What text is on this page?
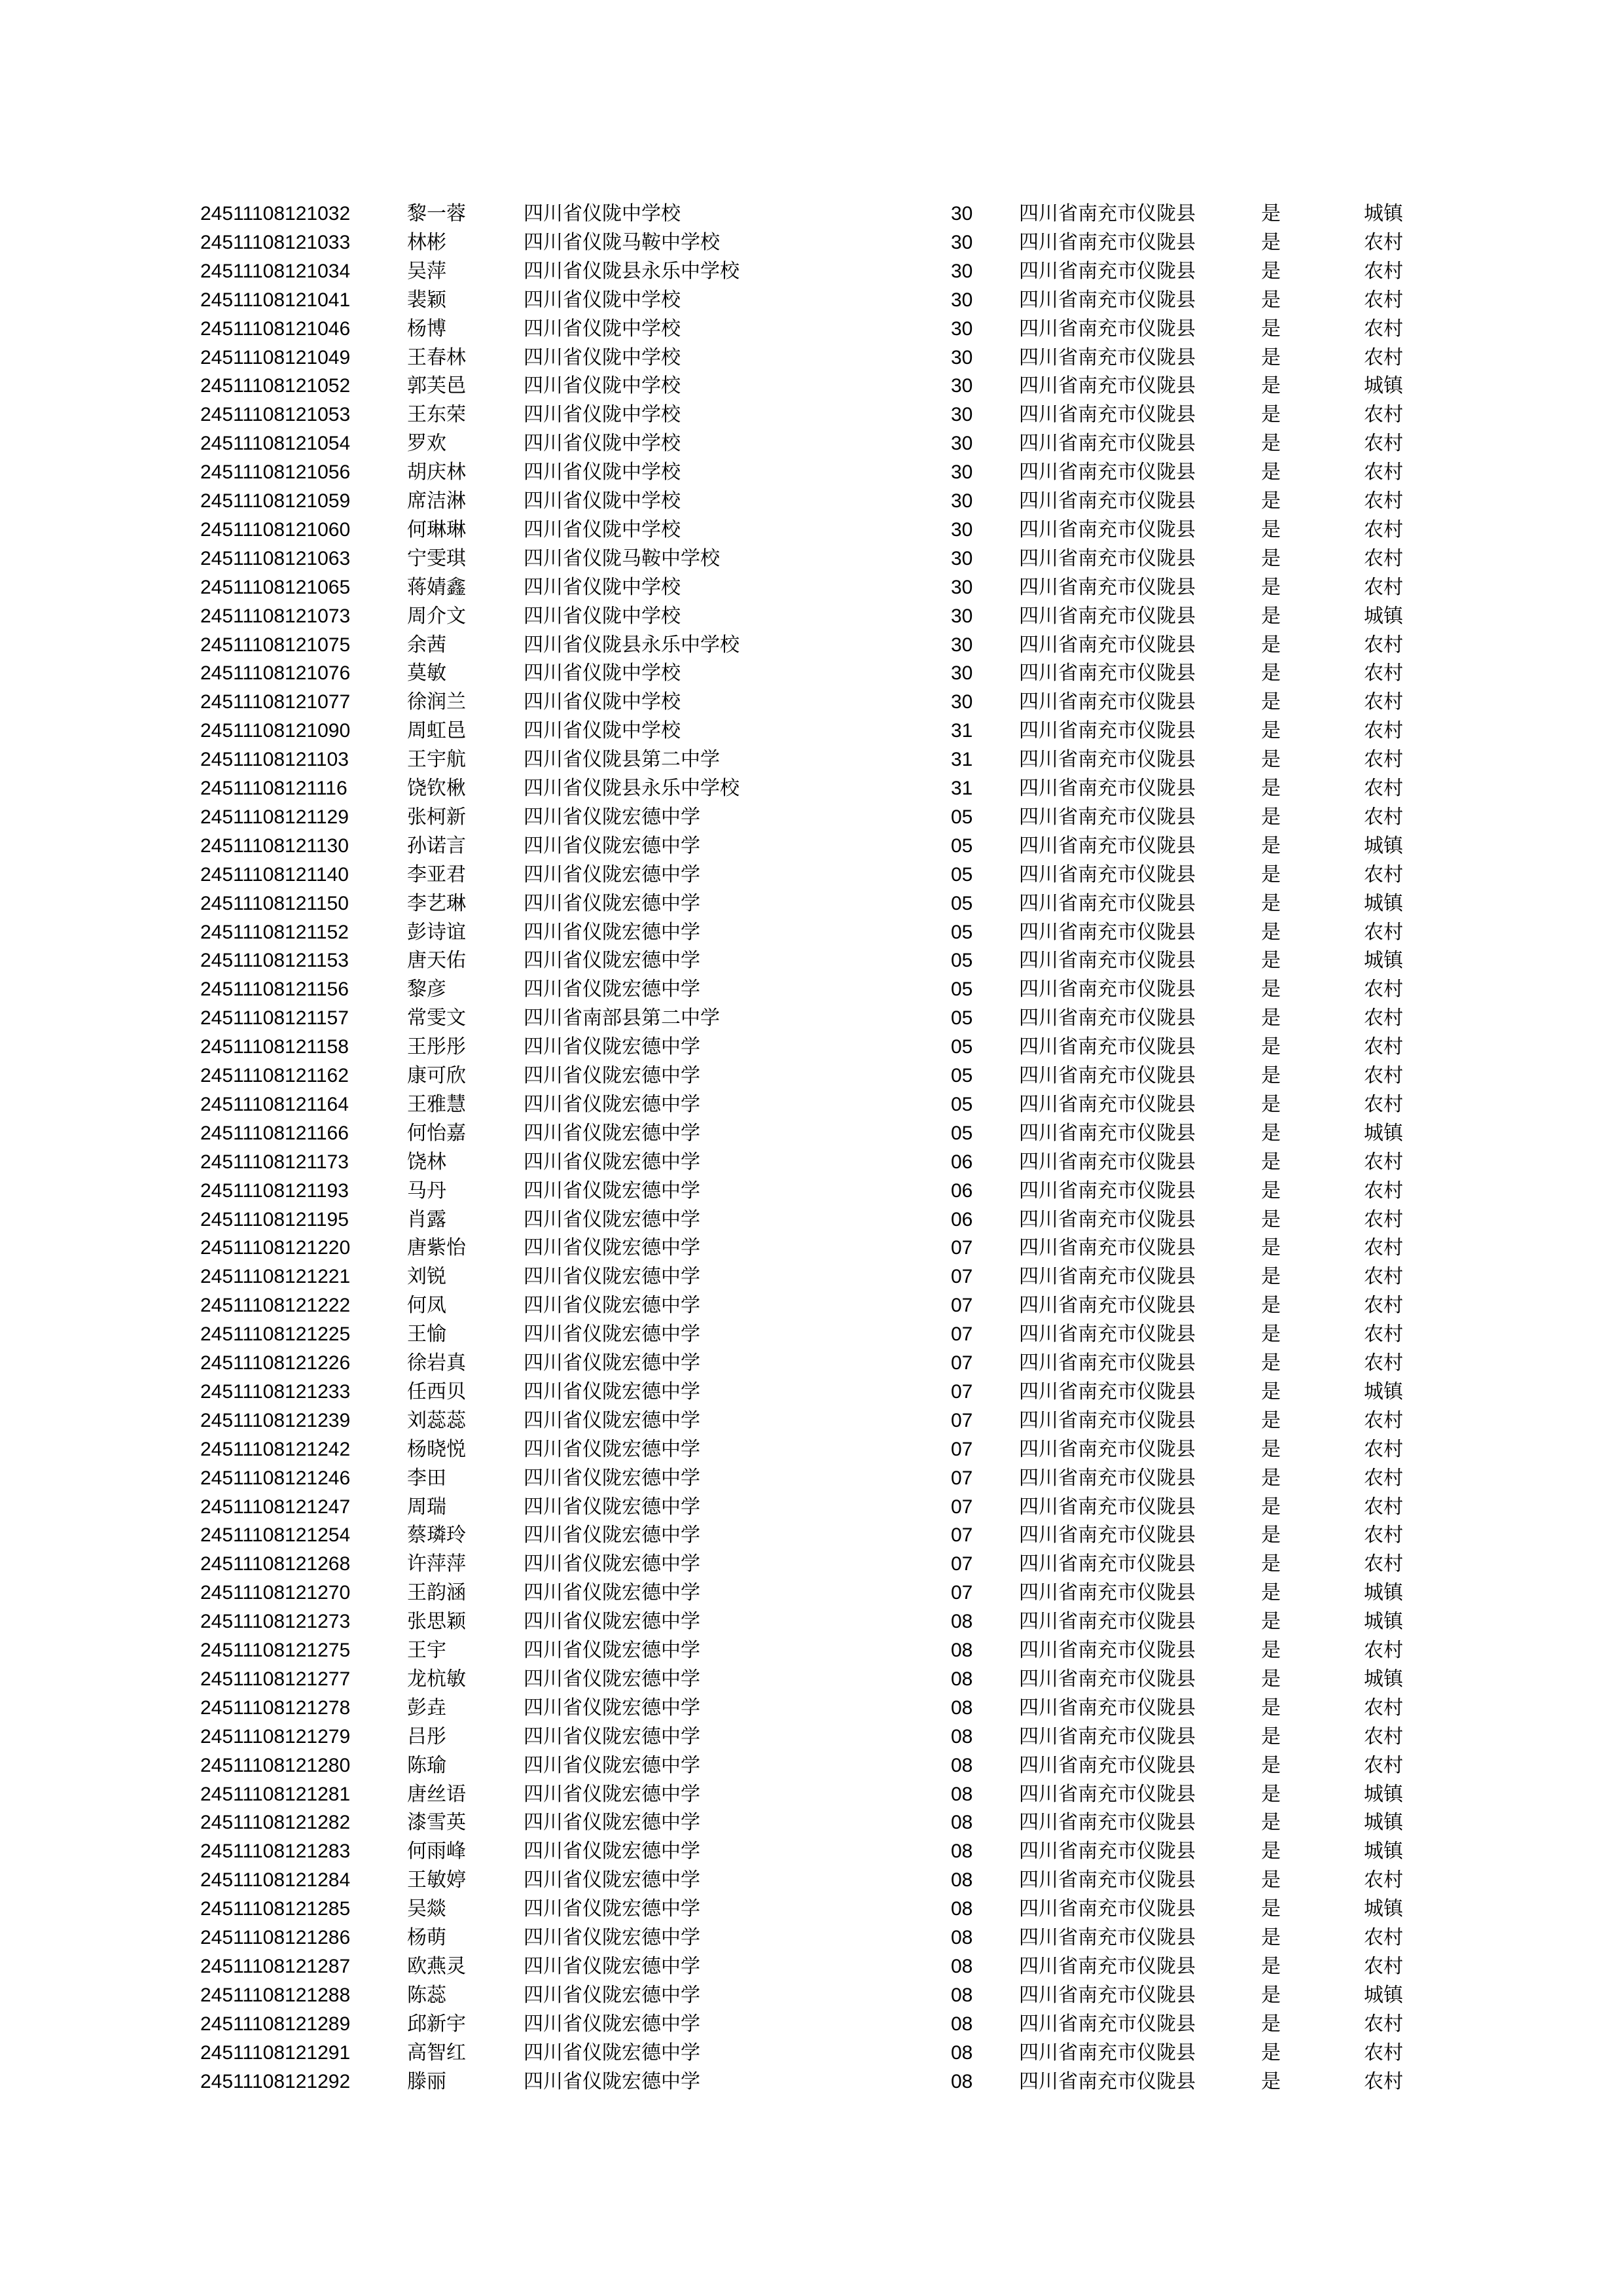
24511108121032	黎一蓉	四川省仪陇中学校	30 四川省南充市仪陇县	是	城镇
24511108121033	林彬	四川省仪陇马鞍中学校	30 四川省南充市仪陇县	是	农村
24511108121034	吴萍	四川省仪陇县永乐中学校	30 四川省南充市仪陇县	是	农村
24511108121041	裴颖	四川省仪陇中学校	30 四川省南充市仪陇县	是	农村
24511108121046	杨博	四川省仪陇中学校	30 四川省南充市仪陇县	是	农村
24511108121049	王春林	四川省仪陇中学校	30 四川省南充市仪陇县	是	农村
24511108121052	郭芙邑	四川省仪陇中学校	30 四川省南充市仪陇县	是	城镇
24511108121053	王东荣	四川省仪陇中学校	30 四川省南充市仪陇县	是	农村
24511108121054	罗欢	四川省仪陇中学校	30 四川省南充市仪陇县	是	农村
24511108121056	胡庆林	四川省仪陇中学校	30 四川省南充市仪陇县	是	农村
24511108121059	席洁淋	四川省仪陇中学校	30 四川省南充市仪陇县	是	农村
24511108121060	何琳琳	四川省仪陇中学校	30 四川省南充市仪陇县	是	农村
24511108121063	宁雯琪	四川省仪陇马鞍中学校	30 四川省南充市仪陇县	是	农村
24511108121065	蒋婧鑫	四川省仪陇中学校	30 四川省南充市仪陇县	是	农村
24511108121073	周介文	四川省仪陇中学校	30 四川省南充市仪陇县	是	城镇
24511108121075	余茜	四川省仪陇县永乐中学校	30 四川省南充市仪陇县	是	农村
24511108121076	莫敏	四川省仪陇中学校	30 四川省南充市仪陇县	是	农村
24511108121077	徐润兰	四川省仪陇中学校	30 四川省南充市仪陇县	是	农村
24511108121090	周虹邑	四川省仪陇中学校	31 四川省南充市仪陇县	是	农村
24511108121103	王宇航	四川省仪陇县第二中学	31 四川省南充市仪陇县	是	农村
24511108121116	饶钦楸	四川省仪陇县永乐中学校	31 四川省南充市仪陇县	是	农村
24511108121129	张柯新	四川省仪陇宏德中学	05 四川省南充市仪陇县	是	农村
24511108121130	孙诺言	四川省仪陇宏德中学	05 四川省南充市仪陇县	是	城镇
24511108121140	李亚君	四川省仪陇宏德中学	05 四川省南充市仪陇县	是	农村
24511108121150	李艺琳	四川省仪陇宏德中学	05 四川省南充市仪陇县	是	城镇
24511108121152	彭诗谊	四川省仪陇宏德中学	05 四川省南充市仪陇县	是	农村
24511108121153	唐天佑	四川省仪陇宏德中学	05 四川省南充市仪陇县	是	城镇
24511108121156	黎彦	四川省仪陇宏德中学	05 四川省南充市仪陇县	是	农村
24511108121157	常雯文	四川省南部县第二中学	05 四川省南充市仪陇县	是	农村
24511108121158	王彤彤	四川省仪陇宏德中学	05 四川省南充市仪陇县	是	农村
24511108121162	康可欣	四川省仪陇宏德中学	05 四川省南充市仪陇县	是	农村
24511108121164	王雅慧	四川省仪陇宏德中学	05 四川省南充市仪陇县	是	农村
24511108121166	何怡嘉	四川省仪陇宏德中学	05 四川省南充市仪陇县	是	城镇
24511108121173	饶林	四川省仪陇宏德中学	06 四川省南充市仪陇县	是	农村
24511108121193	马丹	四川省仪陇宏德中学	06 四川省南充市仪陇县	是	农村
24511108121195	肖露	四川省仪陇宏德中学	06 四川省南充市仪陇县	是	农村
24511108121220	唐紫怡	四川省仪陇宏德中学	07 四川省南充市仪陇县	是	农村
24511108121221	刘锐	四川省仪陇宏德中学	07 四川省南充市仪陇县	是	农村
24511108121222	何凤	四川省仪陇宏德中学	07 四川省南充市仪陇县	是	农村
24511108121225	王愉	四川省仪陇宏德中学	07 四川省南充市仪陇县	是	农村
24511108121226	徐岩真	四川省仪陇宏德中学	07 四川省南充市仪陇县	是	农村
24511108121233	任西贝	四川省仪陇宏德中学	07 四川省南充市仪陇县	是	城镇
24511108121239	刘蕊蕊	四川省仪陇宏德中学	07 四川省南充市仪陇县	是	农村
24511108121242	杨晓悦	四川省仪陇宏德中学	07 四川省南充市仪陇县	是	农村
24511108121246	李田	四川省仪陇宏德中学	07 四川省南充市仪陇县	是	农村
24511108121247	周瑞	四川省仪陇宏德中学	07 四川省南充市仪陇县	是	农村
24511108121254	蔡璘玲	四川省仪陇宏德中学	07 四川省南充市仪陇县	是	农村
24511108121268	许萍萍	四川省仪陇宏德中学	07 四川省南充市仪陇县	是	农村
24511108121270	王韵涵	四川省仪陇宏德中学	07 四川省南充市仪陇县	是	城镇
24511108121273	张思颖	四川省仪陇宏德中学	08 四川省南充市仪陇县	是	城镇
24511108121275	王宇	四川省仪陇宏德中学	08 四川省南充市仪陇县	是	农村
24511108121277	龙杭敏	四川省仪陇宏德中学	08 四川省南充市仪陇县	是	城镇
24511108121278	彭垚	四川省仪陇宏德中学	08 四川省南充市仪陇县	是	农村
24511108121279	吕彤	四川省仪陇宏德中学	08 四川省南充市仪陇县	是	农村
24511108121280	陈瑜	四川省仪陇宏德中学	08 四川省南充市仪陇县	是	农村
24511108121281	唐丝语	四川省仪陇宏德中学	08 四川省南充市仪陇县	是	城镇
24511108121282	漆雪英	四川省仪陇宏德中学	08 四川省南充市仪陇县	是	城镇
24511108121283	何雨峰	四川省仪陇宏德中学	08 四川省南充市仪陇县	是	城镇
24511108121284	王敏婷	四川省仪陇宏德中学	08 四川省南充市仪陇县	是	农村
24511108121285	吴燚	四川省仪陇宏德中学	08 四川省南充市仪陇县	是	城镇
24511108121286	杨萌	四川省仪陇宏德中学	08 四川省南充市仪陇县	是	农村
24511108121287	欧燕灵	四川省仪陇宏德中学	08 四川省南充市仪陇县	是	农村
24511108121288	陈蕊	四川省仪陇宏德中学	08 四川省南充市仪陇县	是	城镇
24511108121289	邱新宇	四川省仪陇宏德中学	08 四川省南充市仪陇县	是	农村
24511108121291	高智红	四川省仪陇宏德中学	08 四川省南充市仪陇县	是	农村
24511108121292	滕丽	四川省仪陇宏德中学	08 四川省南充市仪陇县	是	农村
